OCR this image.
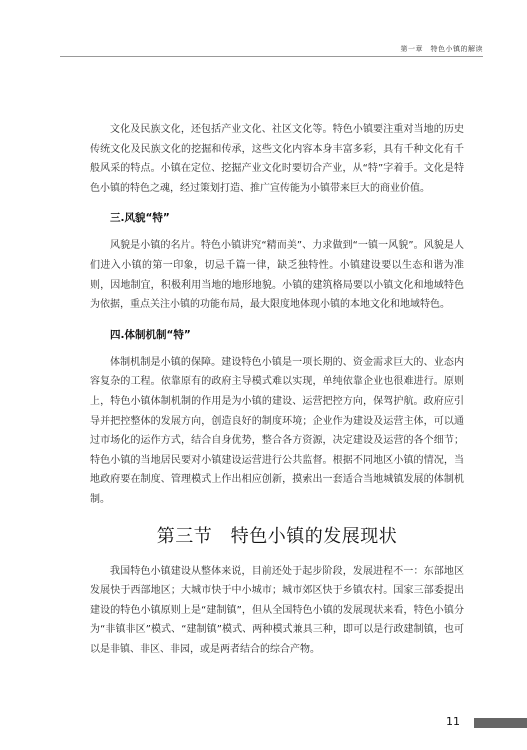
第一章　特色小镇的解读

文化及民族文化，还包括产业文化、社区文化等。特色小镇要注重对当地的历史传统文化及民族文化的挖掘和传承，这些文化内容本身丰富多彩，具有千种文化有千般风采的特点。小镇在定位、挖掘产业文化时要切合产业，从“特”字着手。文化是特色小镇的特色之魂，经过策划打造、推广宣传能为小镇带来巨大的商业价值。

三.风貌“特”

风貌是小镇的名片。特色小镇讲究“精而美”、力求做到“一镇一风貌”。风貌是人们进入小镇的第一印象，切忌千篇一律，缺乏独特性。小镇建设要以生态和谐为准则，因地制宜，积极利用当地的地形地貌。小镇的建筑格局要以小镇文化和地域特色为依据，重点关注小镇的功能布局，最大限度地体现小镇的本地文化和地域特色。

四.体制机制“特”

体制机制是小镇的保障。建设特色小镇是一项长期的、资金需求巨大的、业态内容复杂的工程。依靠原有的政府主导模式难以实现，单纯依靠企业也很难进行。原则上，特色小镇体制机制的作用是为小镇的建设、运营把控方向，保驾护航。政府应引导并把控整体的发展方向，创造良好的制度环境；企业作为建设及运营主体，可以通过市场化的运作方式，结合自身优势，整合各方资源，决定建设及运营的各个细节；特色小镇的当地居民要对小镇建设运营进行公共监督。根据不同地区小镇的情况，当地政府要在制度、管理模式上作出相应创新，摸索出一套适合当地城镇发展的体制机制。

第三节　特色小镇的发展现状

我国特色小镇建设从整体来说，目前还处于起步阶段，发展进程不一：东部地区发展快于西部地区；大城市快于中小城市；城市郊区快于乡镇农村。国家三部委提出建设的特色小镇原则上是“建制镇”，但从全国特色小镇的发展现状来看，特色小镇分为“非镇非区”模式、“建制镇”模式、两种模式兼具三种，即可以是行政建制镇，也可以是非镇、非区、非园，或是两者结合的综合产物。

11
